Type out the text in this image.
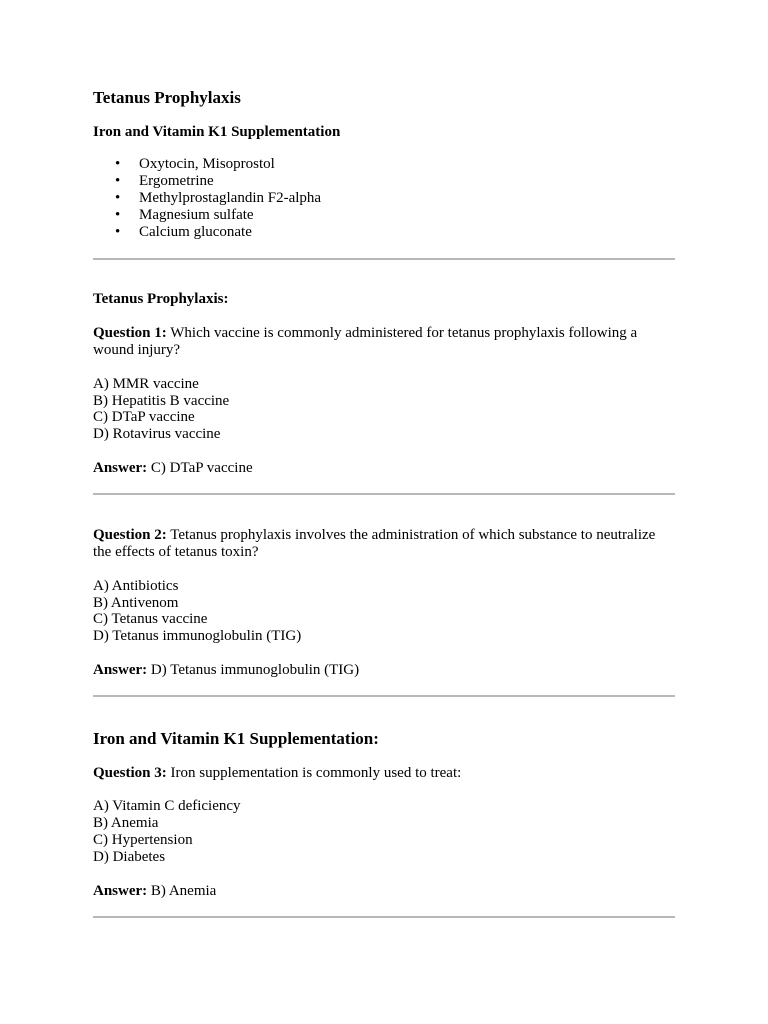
Tetanus Prophylaxis
Iron and Vitamin K1 Supplementation
• Oxytocin, Misoprostol
• Ergometrine
• Methylprostaglandin F2-alpha
• Magnesium sulfate
• Calcium gluconate
Tetanus Prophylaxis:
Question 1: Which vaccine is commonly administered for tetanus prophylaxis following a wound injury?
A) MMR vaccine
B) Hepatitis B vaccine
C) DTaP vaccine
D) Rotavirus vaccine
Answer: C) DTaP vaccine
Question 2: Tetanus prophylaxis involves the administration of which substance to neutralize the effects of tetanus toxin?
A) Antibiotics
B) Antivenom
C) Tetanus vaccine
D) Tetanus immunoglobulin (TIG)
Answer: D) Tetanus immunoglobulin (TIG)
Iron and Vitamin K1 Supplementation:
Question 3: Iron supplementation is commonly used to treat:
A) Vitamin C deficiency
B) Anemia
C) Hypertension
D) Diabetes
Answer: B) Anemia
